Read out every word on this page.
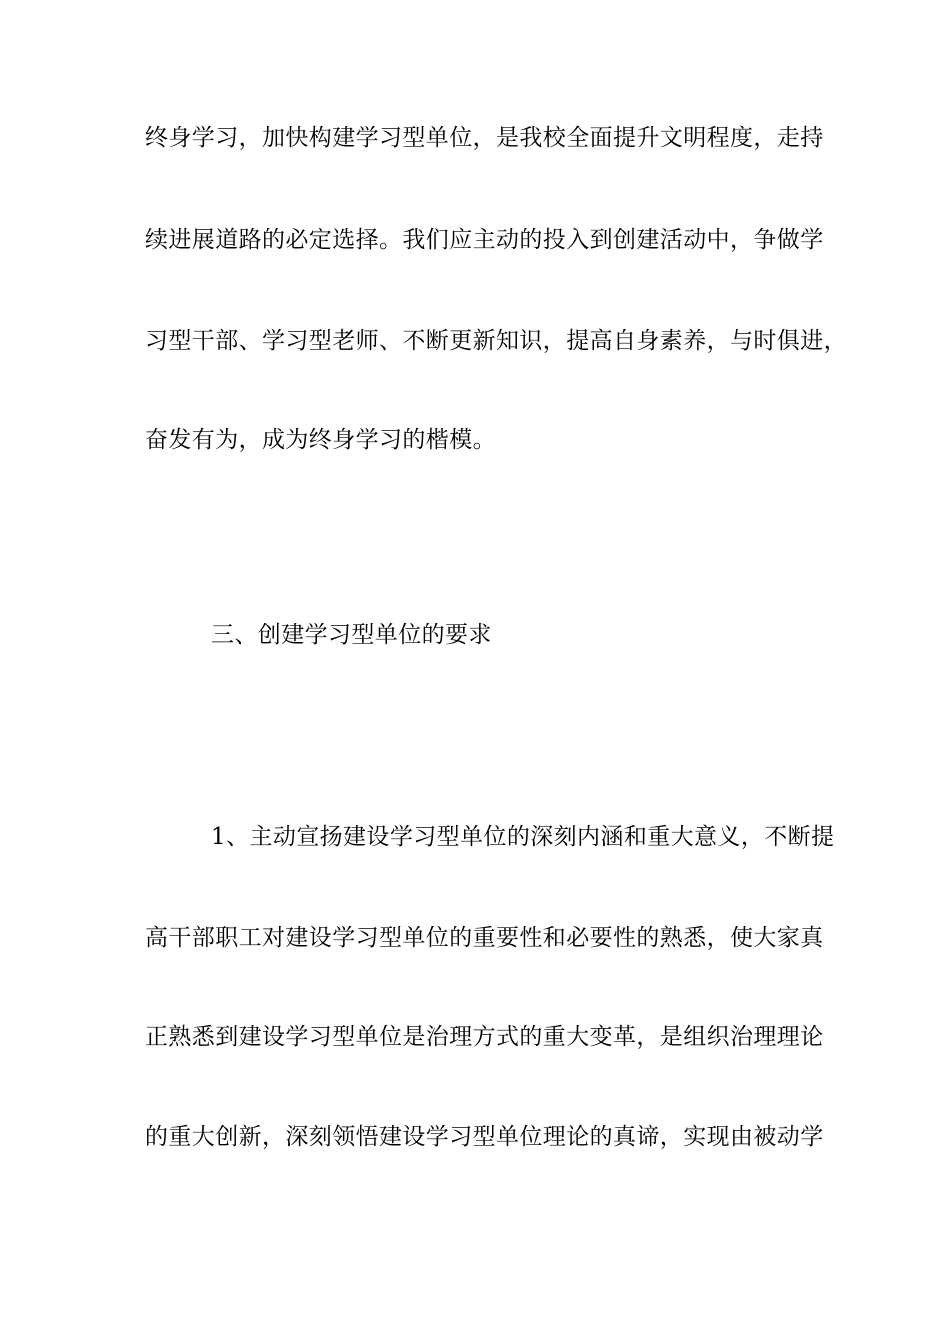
终身学习，加快构建学习型单位，是我校全面提升文明程度，走持
续进展道路的必定选择。我们应主动的投入到创建活动中，争做学
习型干部、学习型老师、不断更新知识，提高自身素养，与时俱进，
奋发有为，成为终身学习的楷模。
三、创建学习型单位的要求
1、主动宣扬建设学习型单位的深刻内涵和重大意义，不断提
高干部职工对建设学习型单位的重要性和必要性的熟悉，使大家真
正熟悉到建设学习型单位是治理方式的重大变革，是组织治理理论
的重大创新，深刻领悟建设学习型单位理论的真谛，实现由被动学
